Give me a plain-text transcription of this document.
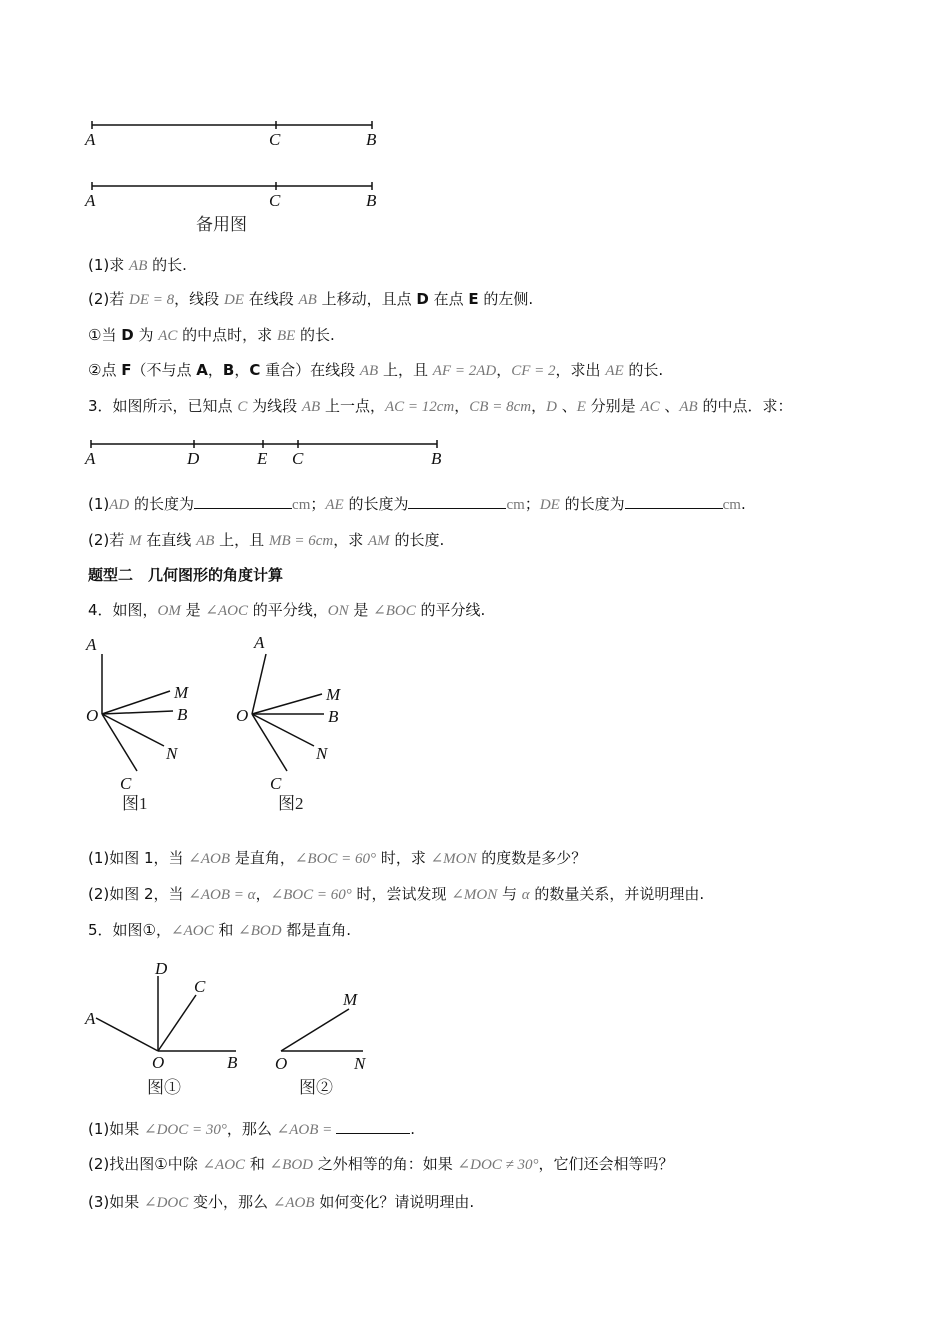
A	C	B
A	C	B
备用图
(1)求 AB 的长.
(2)若 DE = 8，线段 DE 在线段 AB 上移动，且点 D 在点 E 的左侧.
①当 D 为 AC 的中点时，求 BE 的长.
②点 F（不与点 A，B，C 重合）在线段 AB 上，且 AF = 2AD，CF = 2，求出 AE 的长.
3．如图所示，已知点 C 为线段 AB 上一点，AC = 12cm，CB = 8cm，D 、E 分别是 AC 、AB 的中点．求：
A	D	E C	B
(1)AD 的长度为	cm；AE 的长度为	cm；DE 的长度为	cm.
(2)若 M 在直线 AB 上，且 MB = 6cm，求 AM 的长度.
题型二　几何图形的角度计算
4．如图，OM 是 ∠AOC 的平分线，ON 是 ∠BOC 的平分线.
A
M
O	B
N
C
图1
A
M
O	B
N
C
图2
(1)如图 1，当 ∠AOB 是直角，∠BOC = 60° 时，求 ∠MON 的度数是多少？
(2)如图 2，当 ∠AOB = α，∠BOC = 60° 时，尝试发现 ∠MON 与 α 的数量关系，并说明理由.
5．如图①，∠AOC 和 ∠BOD 都是直角.
D
C
A
O	B
图①
M
O	N
图②
(1)如果 ∠DOC = 30°，那么 ∠AOB =	.
(2)找出图①中除 ∠AOC 和 ∠BOD 之外相等的角：如果 ∠DOC ≠ 30°，它们还会相等吗？
(3)如果 ∠DOC 变小，那么 ∠AOB 如何变化？请说明理由.
